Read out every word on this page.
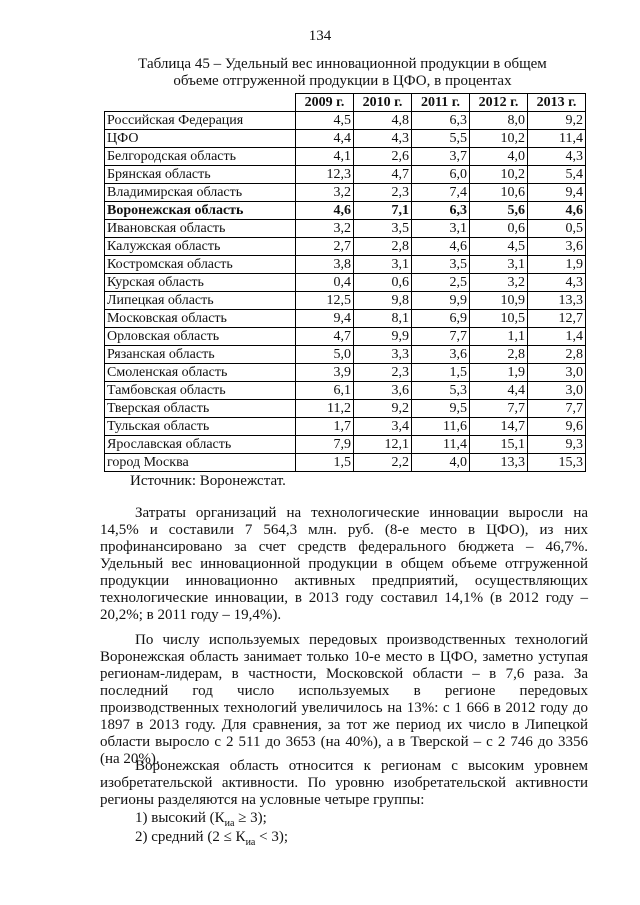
134
Таблица 45 – Удельный вес инновационной продукции в общем
объеме отгруженной продукции в ЦФО, в процентах
	2009 г.	2010 г.	2011 г.	2012 г.	2013 г.
Российская Федерация	4,5	4,8	6,3	8,0	9,2
ЦФО	4,4	4,3	5,5	10,2	11,4
Белгородская область	4,1	2,6	3,7	4,0	4,3
Брянская область	12,3	4,7	6,0	10,2	5,4
Владимирская область	3,2	2,3	7,4	10,6	9,4
Воронежская область	4,6	7,1	6,3	5,6	4,6
Ивановская область	3,2	3,5	3,1	0,6	0,5
Калужская область	2,7	2,8	4,6	4,5	3,6
Костромская область	3,8	3,1	3,5	3,1	1,9
Курская область	0,4	0,6	2,5	3,2	4,3
Липецкая область	12,5	9,8	9,9	10,9	13,3
Московская область	9,4	8,1	6,9	10,5	12,7
Орловская область	4,7	9,9	7,7	1,1	1,4
Рязанская область	5,0	3,3	3,6	2,8	2,8
Смоленская область	3,9	2,3	1,5	1,9	3,0
Тамбовская область	6,1	3,6	5,3	4,4	3,0
Тверская область	11,2	9,2	9,5	7,7	7,7
Тульская область	1,7	3,4	11,6	14,7	9,6
Ярославская область	7,9	12,1	11,4	15,1	9,3
город Москва	1,5	2,2	4,0	13,3	15,3
Источник: Воронежстат.

Затраты организаций на технологические инновации выросли на 14,5% и составили 7 564,3 млн. руб. (8-е место в ЦФО), из них профинансировано за счет средств федерального бюджета – 46,7%. Удельный вес инновационной продукции в общем объеме отгруженной продукции инновационно активных предприятий, осуществляющих технологические инновации, в 2013 году составил 14,1% (в 2012 году – 20,2%; в 2011 году – 19,4%).

По числу используемых передовых производственных технологий Воронежская область занимает только 10-е место в ЦФО, заметно уступая регионам-лидерам, в частности, Московской области – в 7,6 раза. За последний год число используемых в регионе передовых производственных технологий увеличилось на 13%: с 1 666 в 2012 году до 1897 в 2013 году. Для сравнения, за тот же период их число в Липецкой области выросло с 2 511 до 3653 (на 40%), а в Тверской – с 2 746 до 3356 (на 20%).

Воронежская область относится к регионам с высоким уровнем изобретательской активности. По уровню изобретательской активности регионы разделяются на условные четыре группы:

1) высокий $(К_{иа} \ge 3)$;
2) средний $(2 \le К_{иа} < 3)$;
